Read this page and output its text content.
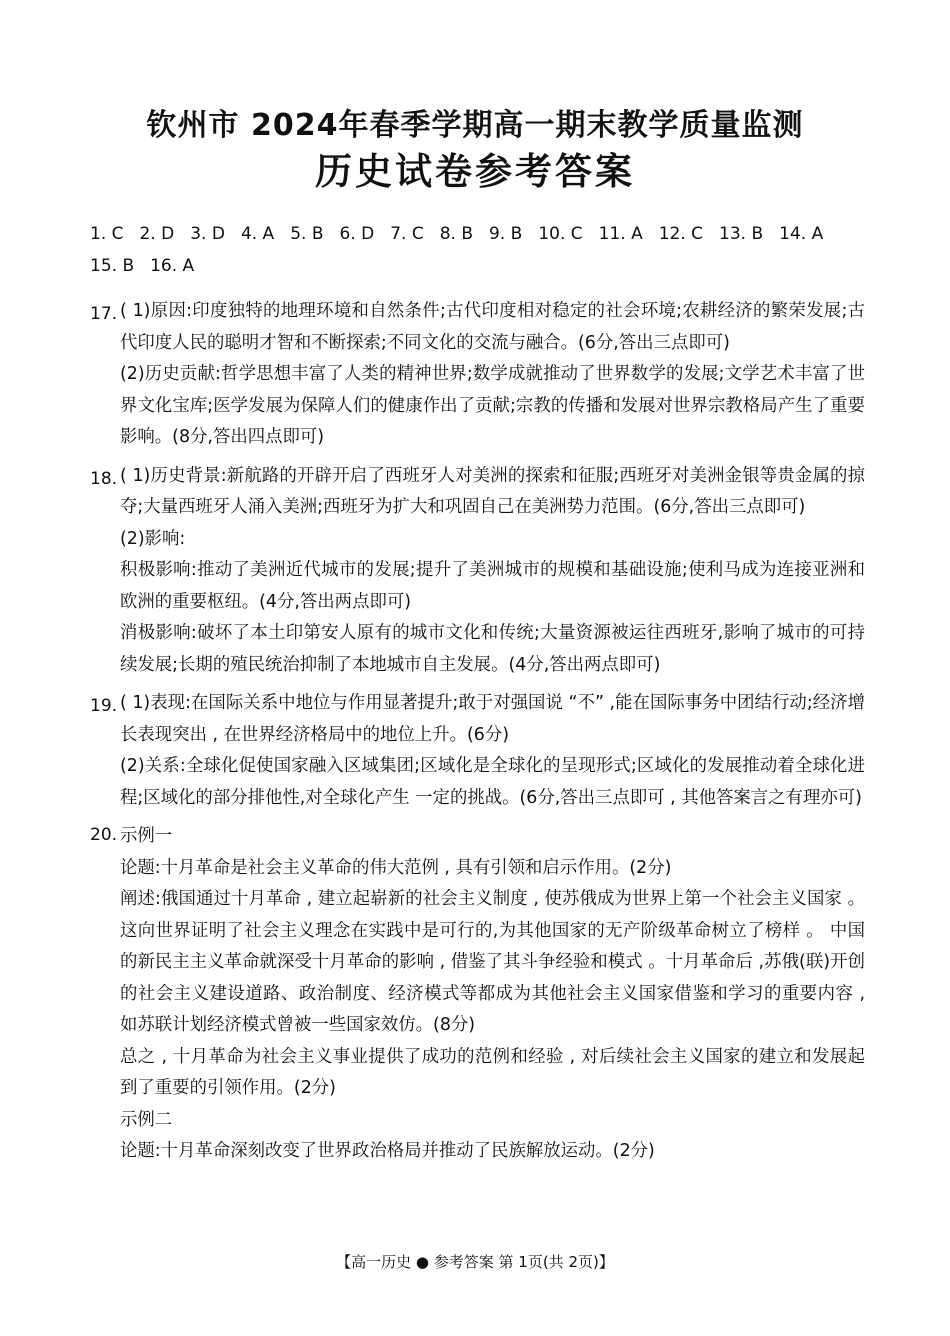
钦州市 2024年春季学期高一期末教学质量监测
历史试卷参考答案
1. C 2. D 3. D 4. A 5. B 6. D 7. C 8. B 9. B 10. C 11. A 12. C 13. B 14. A
15. B 16. A
17. ( 1)原因:印度独特的地理环境和自然条件;古代印度相对稳定的社会环境;农耕经济的繁荣发展;古代印度人民的聪明才智和不断探索;不同文化的交流与融合。(6分,答出三点即可)

(2)历史贡献:哲学思想丰富了人类的精神世界;数学成就推动了世界数学的发展;文学艺术丰富了世界文化宝库;医学发展为保障人们的健康作出了贡献;宗教的传播和发展对世界宗教格局产生了重要影响。(8分,答出四点即可)

18. ( 1)历史背景:新航路的开辟开启了西班牙人对美洲的探索和征服;西班牙对美洲金银等贵金属的掠夺;大量西班牙人涌入美洲;西班牙为扩大和巩固自己在美洲势力范围。(6分,答出三点即可)

(2)影响:

积极影响:推动了美洲近代城市的发展;提升了美洲城市的规模和基础设施;使利马成为连接亚洲和欧洲的重要枢纽。(4分,答出两点即可)

消极影响:破坏了本土印第安人原有的城市文化和传统;大量资源被运往西班牙,影响了城市的可持续发展;长期的殖民统治抑制了本地城市自主发展。(4分,答出两点即可)

19. ( 1)表现:在国际关系中地位与作用显著提升;敢于对强国说 “不” ,能在国际事务中团结行动;经济增长表现突出 , 在世界经济格局中的地位上升。(6分)

(2)关系:全球化促使国家融入区域集团;区域化是全球化的呈现形式;区域化的发展推动着全球化进程;区域化的部分排他性,对全球化产生 一定的挑战。(6分,答出三点即可 , 其他答案言之有理亦可)

20. 示例一

论题:十月革命是社会主义革命的伟大范例 , 具有引领和启示作用。(2分)

阐述:俄国通过十月革命 , 建立起崭新的社会主义制度 , 使苏俄成为世界上第一个社会主义国家 。这向世界证明了社会主义理念在实践中是可行的,为其他国家的无产阶级革命树立了榜样 。 中国的新民主主义革命就深受十月革命的影响 , 借鉴了其斗争经验和模式 。十月革命后 ,苏俄(联)开创的社会主义建设道路、政治制度、经济模式等都成为其他社会主义国家借鉴和学习的重要内容 , 如苏联计划经济模式曾被一些国家效仿。(8分)

总之 , 十月革命为社会主义事业提供了成功的范例和经验 , 对后续社会主义国家的建立和发展起到了重要的引领作用。(2分)

示例二

论题:十月革命深刻改变了世界政治格局并推动了民族解放运动。(2分)

【高一历史 ● 参考答案 第 1页(共 2页)】
